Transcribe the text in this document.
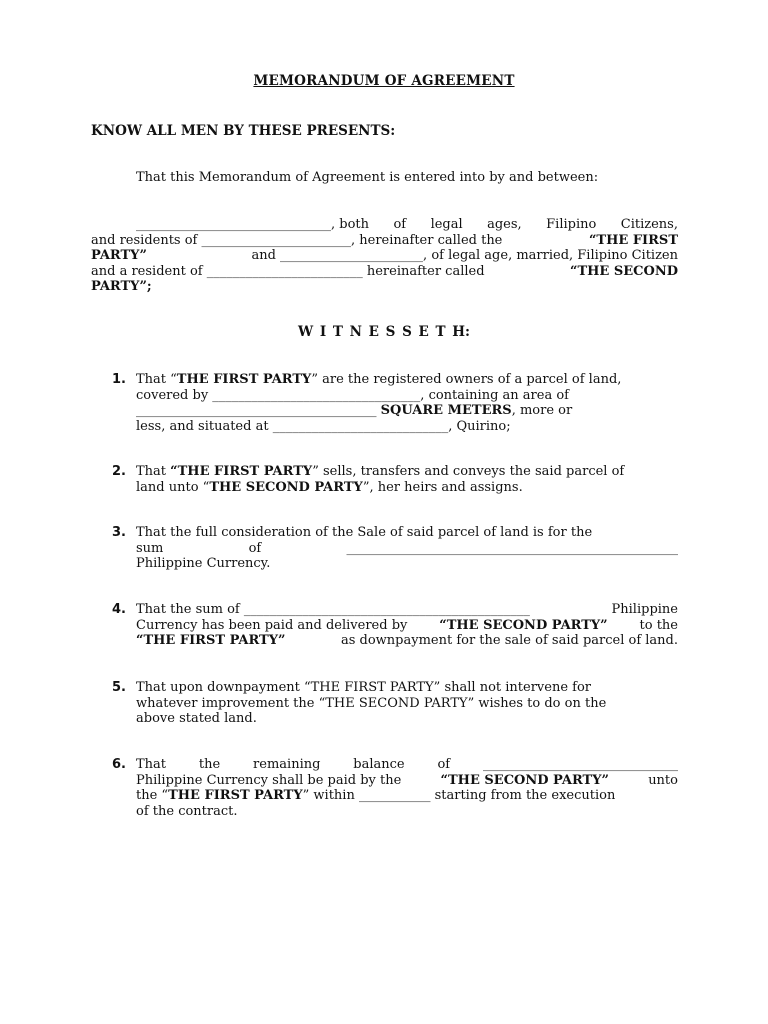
MEMORANDUM OF AGREEMENT
KNOW ALL MEN BY THESE PRESENTS:
That this Memorandum of Agreement is entered into by and between:
______________________________, both of legal ages, Filipino Citizens,
and residents of _______________________, hereinafter called the	“THE FIRST
PARTY”	and ______________________, of legal age, married, Filipino Citizen
and a resident of ________________________ hereinafter called	“THE SECOND
PARTY”;
W I T N E S S E T H:
1. That “THE FIRST PARTY” are the registered owners of a parcel of land,
covered by ________________________________, containing an area of
_____________________________________ SQUARE METERS, more or
less, and situated at ___________________________, Quirino;
2. That “THE FIRST PARTY” sells, transfers and conveys the said parcel of
land unto “THE SECOND PARTY”, her heirs and assigns.
3. That the full consideration of the Sale of said parcel of land is for the
sum	of	___________________________________________________
Philippine Currency.
4. That the sum of ____________________________________________	Philippine
Currency has been paid and delivered by “THE SECOND PARTY” to the
“THE FIRST PARTY”	as downpayment for the sale of said parcel of land.
5. That upon downpayment “THE FIRST PARTY” shall not intervene for
whatever improvement the “THE SECOND PARTY” wishes to do on the
above stated land.
6. That	the	remaining	balance	of	______________________________
Philippine Currency shall be paid by the	“THE SECOND PARTY”	unto
the “THE FIRST PARTY” within ___________ starting from the execution
of the contract.
